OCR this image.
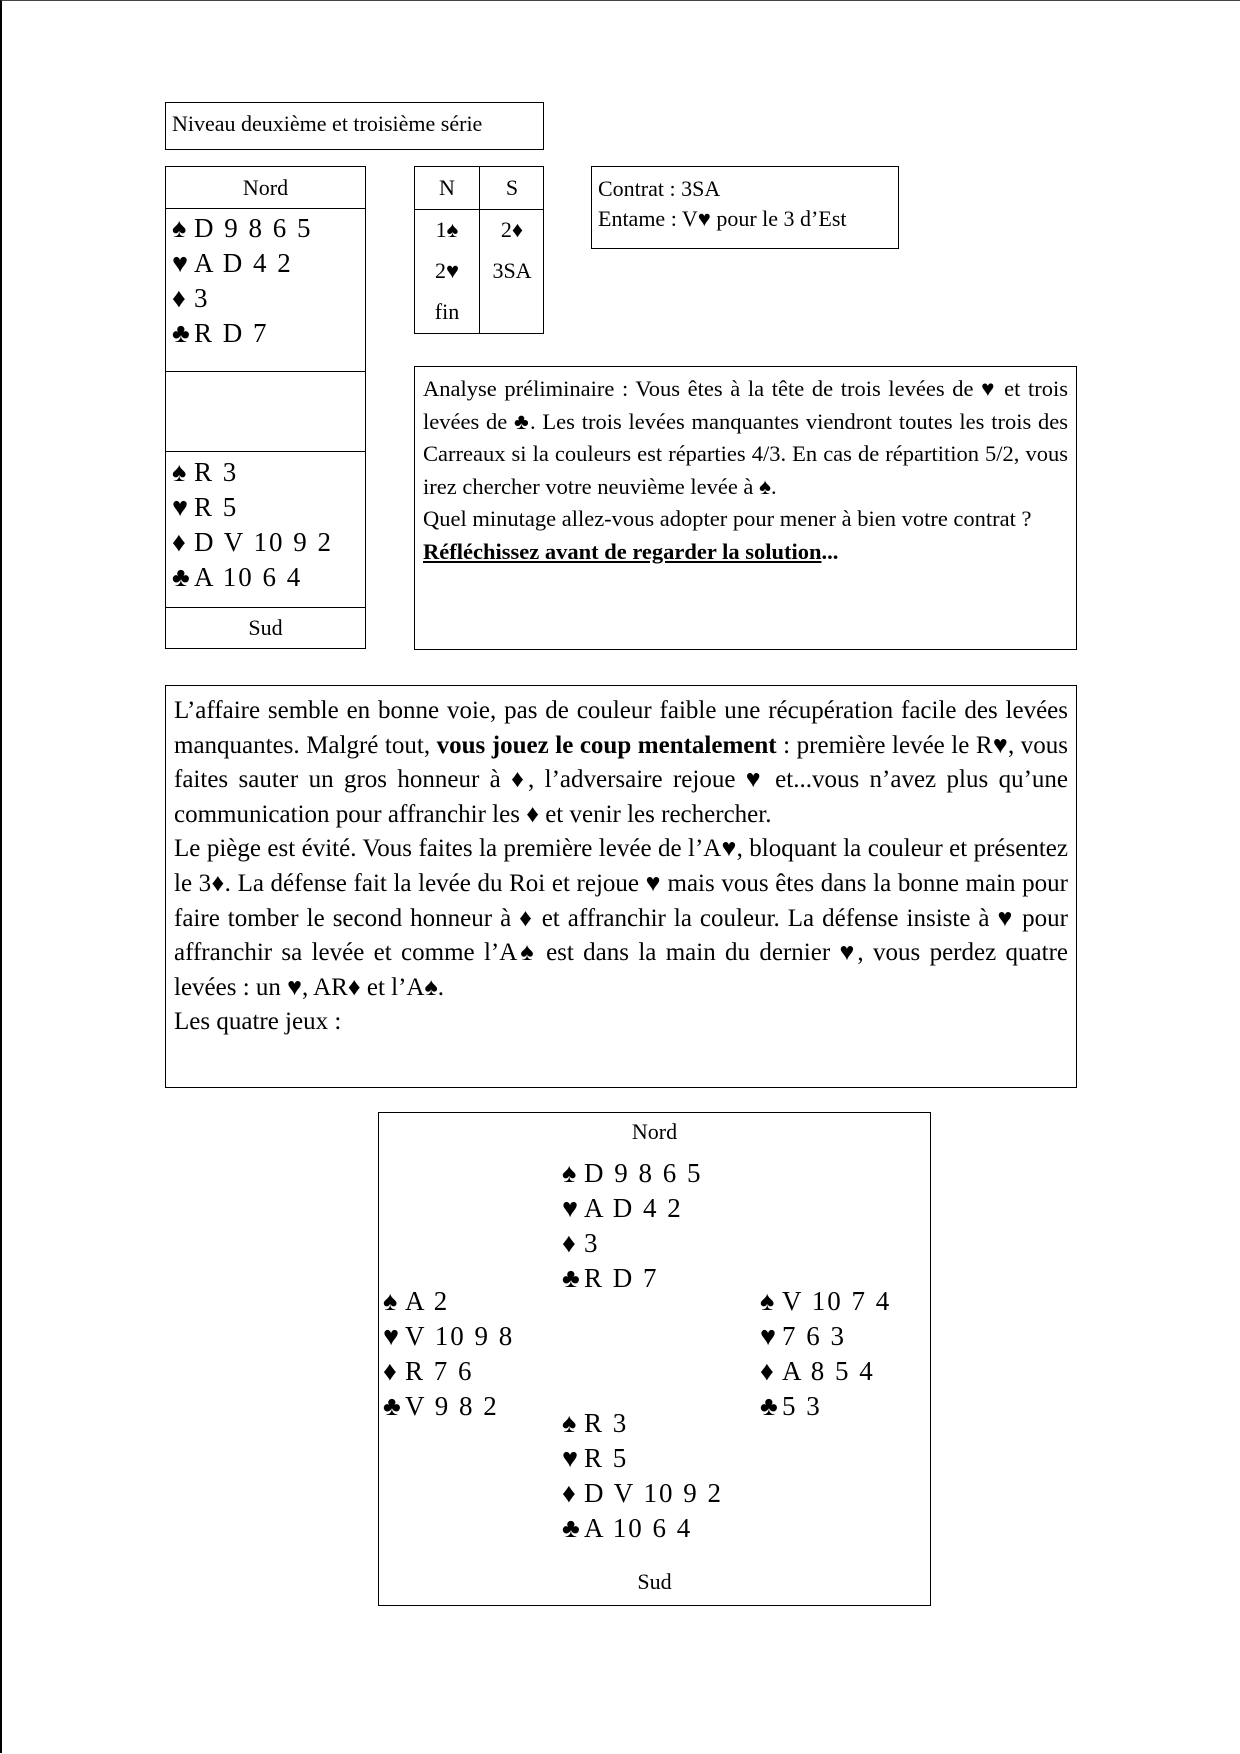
Niveau deuxième et troisième série
Nord
♠ D 9 8 6 5
♥ A D 4 2
♦ 3
♣R D 7
♠ R 3
♥ R 5
♦ D V 10 9 2
♣A 10 6 4
Sud
N
1♠
2♥
fin
S
2♦
3SA
Contrat : 3SA
Entame : V♥ pour le 3 d’Est
Analyse préliminaire : Vous êtes à la tête de trois levées de ♥ et trois levées de ♣. Les trois levées manquantes viendront toutes les trois des Carreaux si la couleurs est réparties 4/3. En cas de répartition 5/2, vous irez chercher votre neuvième levée à ♠.
Quel minutage allez-vous adopter pour mener à bien votre contrat ?
Réfléchissez avant de regarder la solution...

L’affaire semble en bonne voie, pas de couleur faible une récupération facile des levées manquantes. Malgré tout, vous jouez le coup mentalement : première levée le R♥, vous faites sauter un gros honneur à ♦, l’adversaire rejoue ♥ et...vous n’avez plus qu’une communication pour affranchir les ♦ et venir les rechercher.

Le piège est évité. Vous faites la première levée de l’A♥, bloquant la couleur et présentez le 3♦. La défense fait la levée du Roi et rejoue ♥ mais vous êtes dans la bonne main pour faire tomber le second honneur à ♦ et affranchir la couleur. La défense insiste à ♥ pour affranchir sa levée et comme l’A♠ est dans la main du dernier ♥, vous perdez quatre levées : un ♥, AR♦ et l’A♠.

Les quatre jeux :

Nord
♠ D 9 8 6 5
♥ A D 4 2
♦ 3
♣R D 7
♠ A 2
♥ V 10 9 8
♦ R 7 6
♣V 9 8 2
♠ V 10 7 4
♥ 7 6 3
♦ A 8 5 4
♣5 3
♠ R 3
♥ R 5
♦ D V 10 9 2
♣A 10 6 4
Sud
